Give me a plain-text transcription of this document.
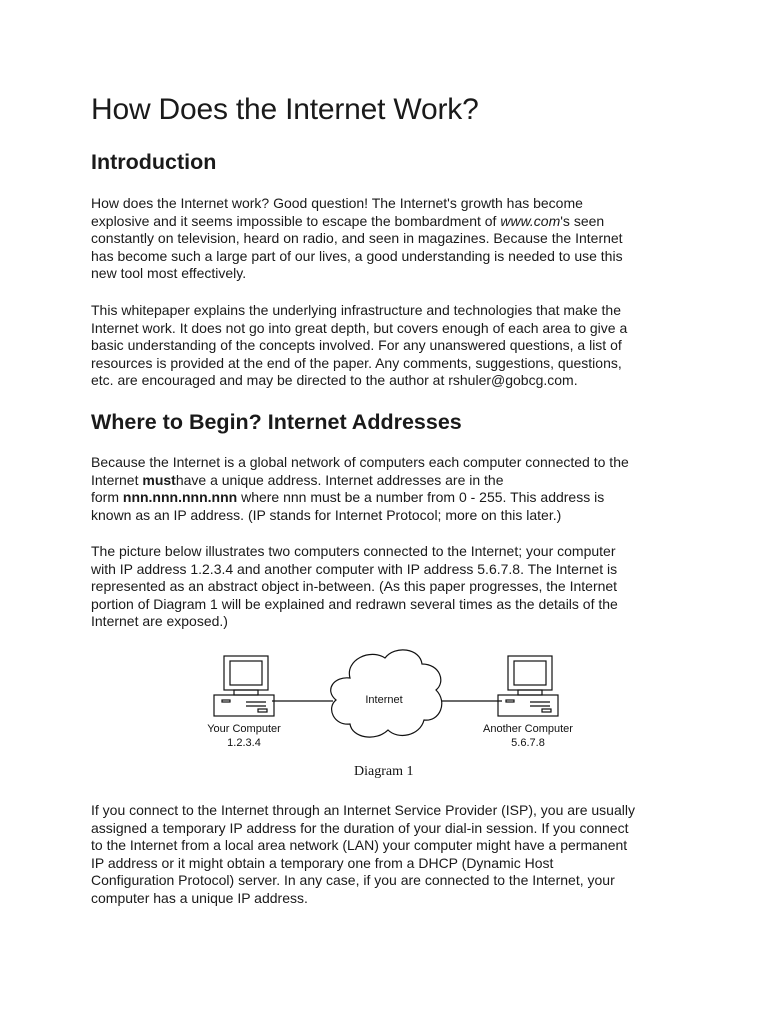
How Does the Internet Work?
Introduction

How does the Internet work? Good question! The Internet's growth has become
explosive and it seems impossible to escape the bombardment of www.com's seen
constantly on television, heard on radio, and seen in magazines. Because the Internet
has become such a large part of our lives, a good understanding is needed to use this
new tool most effectively.

This whitepaper explains the underlying infrastructure and technologies that make the
Internet work. It does not go into great depth, but covers enough of each area to give a
basic understanding of the concepts involved. For any unanswered questions, a list of
resources is provided at the end of the paper. Any comments, suggestions, questions,
etc. are encouraged and may be directed to the author at rshuler@gobcg.com.

Where to Begin? Internet Addresses

Because the Internet is a global network of computers each computer connected to the
Internet musthave a unique address. Internet addresses are in the
form nnn.nnn.nnn.nnn where nnn must be a number from 0 - 255. This address is
known as an IP address. (IP stands for Internet Protocol; more on this later.)

The picture below illustrates two computers connected to the Internet; your computer
with IP address 1.2.3.4 and another computer with IP address 5.6.7.8. The Internet is
represented as an abstract object in-between. (As this paper progresses, the Internet
portion of Diagram 1 will be explained and redrawn several times as the details of the
Internet are exposed.)

Internet
Your Computer
1.2.3.4
Another Computer
5.6.7.8
Diagram 1

If you connect to the Internet through an Internet Service Provider (ISP), you are usually
assigned a temporary IP address for the duration of your dial-in session. If you connect
to the Internet from a local area network (LAN) your computer might have a permanent
IP address or it might obtain a temporary one from a DHCP (Dynamic Host
Configuration Protocol) server. In any case, if you are connected to the Internet, your
computer has a unique IP address.
